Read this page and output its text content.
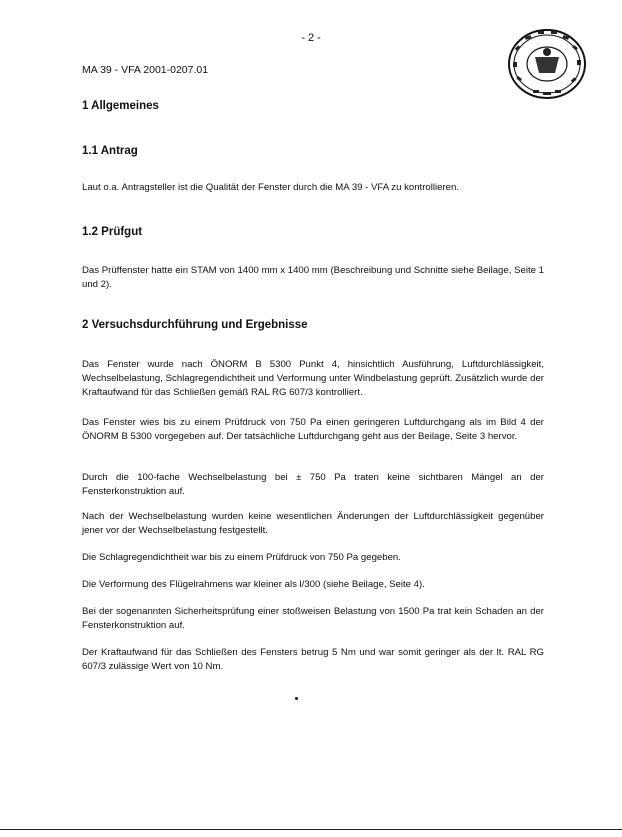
- 2 -
MA 39 - VFA 2001-0207.01
1 Allgemeines
1.1 Antrag
Laut o.a. Antragsteller ist die Qualität der Fenster durch die MA 39 - VFA zu kontrollieren.
1.2 Prüfgut
Das Prüffenster hatte ein STAM von 1400 mm x 1400 mm (Beschreibung und Schnitte siehe Beilage, Seite 1 und 2).
2 Versuchsdurchführung und Ergebnisse
Das Fenster wurde nach ÖNORM B 5300 Punkt 4, hinsichtlich Ausführung, Luftdurchlässigkeit, Wechselbelastung, Schlagregendichtheit und Verformung unter Windbelastung geprüft. Zusätzlich wurde der Kraftaufwand für das Schließen gemäß RAL RG 607/3 kontrolliert.
Das Fenster wies bis zu einem Prüfdruck von 750 Pa einen geringeren Luftdurchgang als im Bild 4 der ÖNORM B 5300 vorgegeben auf. Der tatsächliche Luftdurchgang geht aus der Beilage, Seite 3 hervor.
Durch die 100-fache Wechselbelastung bei ± 750 Pa traten keine sichtbaren Mängel an der Fensterkonstruktion auf.
Nach der Wechselbelastung wurden keine wesentlichen Änderungen der Luftdurchlässigkeit gegenüber jener vor der Wechselbelastung festgestellt.
Die Schlagregendichtheit war bis zu einem Prüfdruck von 750 Pa gegeben.
Die Verformung des Flügelrahmens war kleiner als l/300 (siehe Beilage, Seite 4).
Bei der sogenannten Sicherheitsprüfung einer stoßweisen Belastung von 1500 Pa trat kein Schaden an der Fensterkonstruktion auf.
Der Kraftaufwand für das Schließen des Fensters betrug 5 Nm und war somit geringer als der lt. RAL RG 607/3 zulässige Wert von 10 Nm.
